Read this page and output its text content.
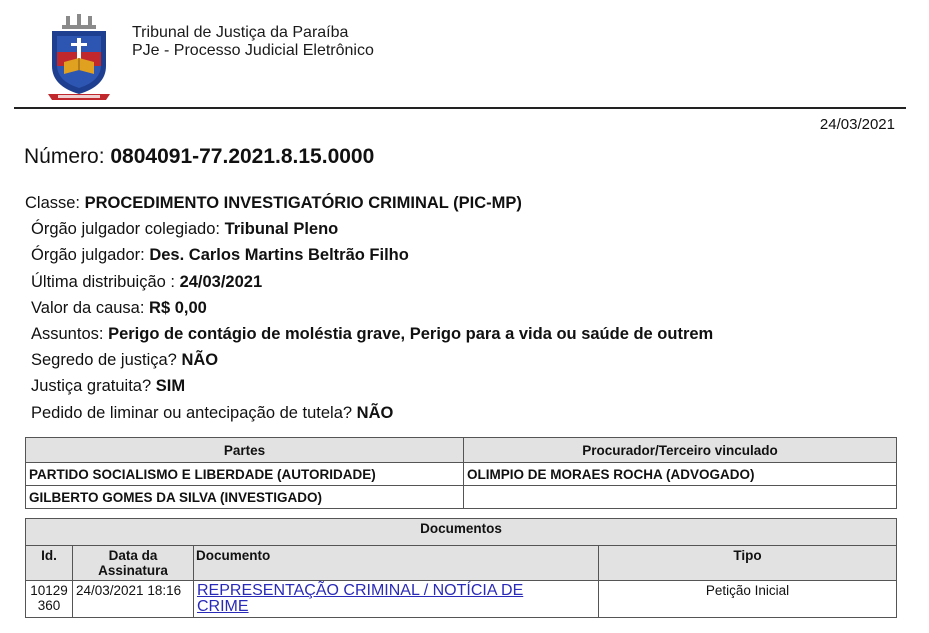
Tribunal de Justiça da Paraíba
PJe - Processo Judicial Eletrônico
24/03/2021
Número: 0804091-77.2021.8.15.0000
Classe: PROCEDIMENTO INVESTIGATÓRIO CRIMINAL (PIC-MP)
Órgão julgador colegiado: Tribunal Pleno
Órgão julgador: Des. Carlos Martins Beltrão Filho
Última distribuição : 24/03/2021
Valor da causa: R$ 0,00
Assuntos: Perigo de contágio de moléstia grave, Perigo para a vida ou saúde de outrem
Segredo de justiça? NÃO
Justiça gratuita? SIM
Pedido de liminar ou antecipação de tutela? NÃO
Partes	Procurador/Terceiro vinculado
PARTIDO SOCIALISMO E LIBERDADE (AUTORIDADE)	OLIMPIO DE MORAES ROCHA (ADVOGADO)
GILBERTO GOMES DA SILVA (INVESTIGADO)	
Documentos			
Id.	Data da Assinatura	Documento	Tipo

10129 360	24/03/2021 18:16	REPRESENTAÇÃO CRIMINAL / NOTÍCIA DE CRIME	Petição Inicial
